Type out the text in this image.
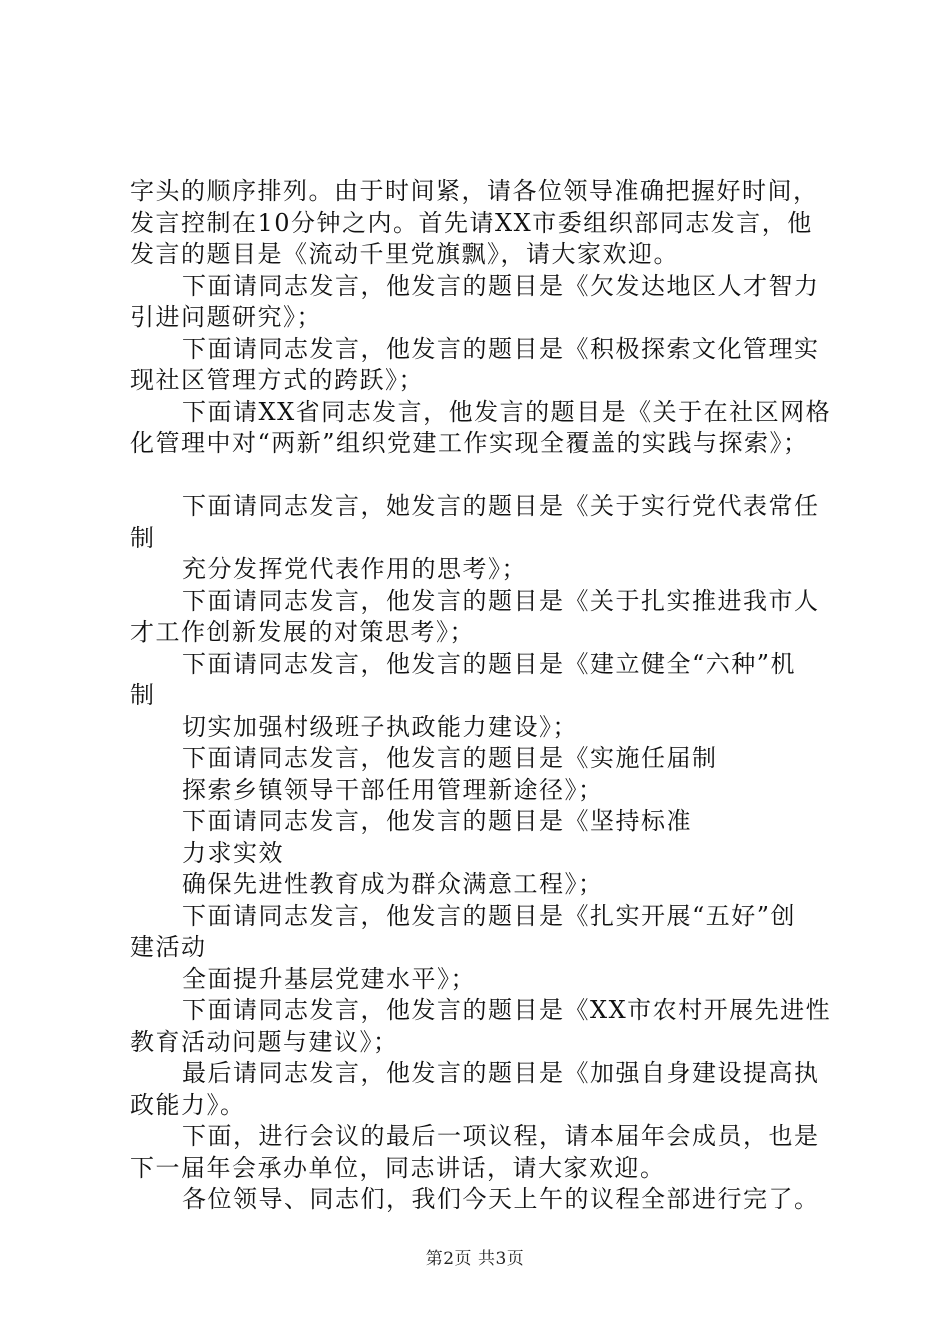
字头的顺序排列。由于时间紧，请各位领导准确把握好时间，
发言控制在10分钟之内。首先请XX市委组织部同志发言，他
发言的题目是《流动千里党旗飘》，请大家欢迎。
下面请同志发言，他发言的题目是《欠发达地区人才智力
引进问题研究》；
下面请同志发言，他发言的题目是《积极探索文化管理实
现社区管理方式的跨跃》；
下面请XX省同志发言，他发言的题目是《关于在社区网格
化管理中对“两新”组织党建工作实现全覆盖的实践与探索》；
下面请同志发言，她发言的题目是《关于实行党代表常任
制
充分发挥党代表作用的思考》；
下面请同志发言，他发言的题目是《关于扎实推进我市人
才工作创新发展的对策思考》；
下面请同志发言，他发言的题目是《建立健全“六种”机
制
切实加强村级班子执政能力建设》；
下面请同志发言，他发言的题目是《实施任届制
探索乡镇领导干部任用管理新途径》；
下面请同志发言，他发言的题目是《坚持标准
力求实效
确保先进性教育成为群众满意工程》；
下面请同志发言，他发言的题目是《扎实开展“五好”创
建活动
全面提升基层党建水平》；
下面请同志发言，他发言的题目是《XX市农村开展先进性
教育活动问题与建议》；
最后请同志发言，他发言的题目是《加强自身建设提高执
政能力》。
下面，进行会议的最后一项议程，请本届年会成员，也是
下一届年会承办单位，同志讲话，请大家欢迎。
各位领导、同志们，我们今天上午的议程全部进行完了。
第2页 共3页
